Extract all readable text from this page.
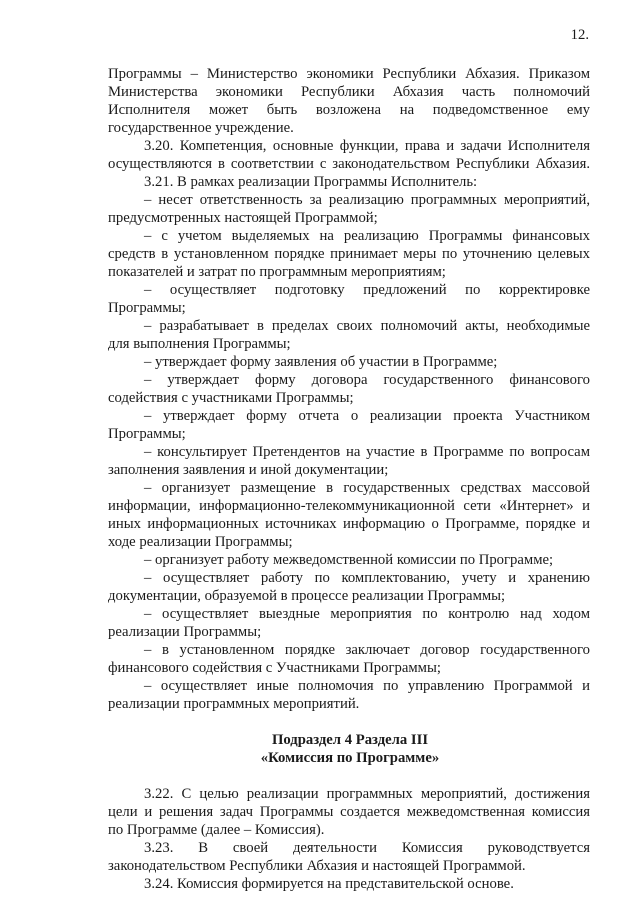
12.
Программы – Министерство экономики Республики Абхазия. Приказом
Министерства экономики Республики Абхазия часть полномочий
Исполнителя может быть возложена на подведомственное ему
государственное учреждение.
3.20. Компетенция, основные функции, права и задачи Исполнителя
осуществляются в соответствии с законодательством Республики Абхазия.
3.21. В рамках реализации Программы Исполнитель:
– несет ответственность за реализацию программных мероприятий,
предусмотренных настоящей Программой;
– с учетом выделяемых на реализацию Программы финансовых
средств в установленном порядке принимает меры по уточнению целевых
показателей и затрат по программным мероприятиям;
– осуществляет подготовку предложений по корректировке
Программы;
– разрабатывает в пределах своих полномочий акты, необходимые
для выполнения Программы;
– утверждает форму заявления об участии в Программе;
– утверждает форму договора государственного финансового
содействия с участниками Программы;
– утверждает форму отчета о реализации проекта Участником
Программы;
– консультирует Претендентов на участие в Программе по вопросам
заполнения заявления и иной документации;
– организует размещение в государственных средствах массовой
информации, информационно-телекоммуникационной сети «Интернет» и
иных информационных источниках информацию о Программе, порядке и
ходе реализации Программы;
– организует работу межведомственной комиссии по Программе;
– осуществляет работу по комплектованию, учету и хранению
документации, образуемой в процессе реализации Программы;
– осуществляет выездные мероприятия по контролю над ходом
реализации Программы;
– в установленном порядке заключает договор государственного
финансового содействия с Участниками Программы;
– осуществляет иные полномочия по управлению Программой и
реализации программных мероприятий.
Подраздел 4 Раздела III
«Комиссия по Программе»
3.22. С целью реализации программных мероприятий, достижения
цели и решения задач Программы создается межведомственная комиссия
по Программе (далее – Комиссия).
3.23. В своей деятельности Комиссия руководствуется
законодательством Республики Абхазия и настоящей Программой.
3.24. Комиссия формируется на представительской основе.
